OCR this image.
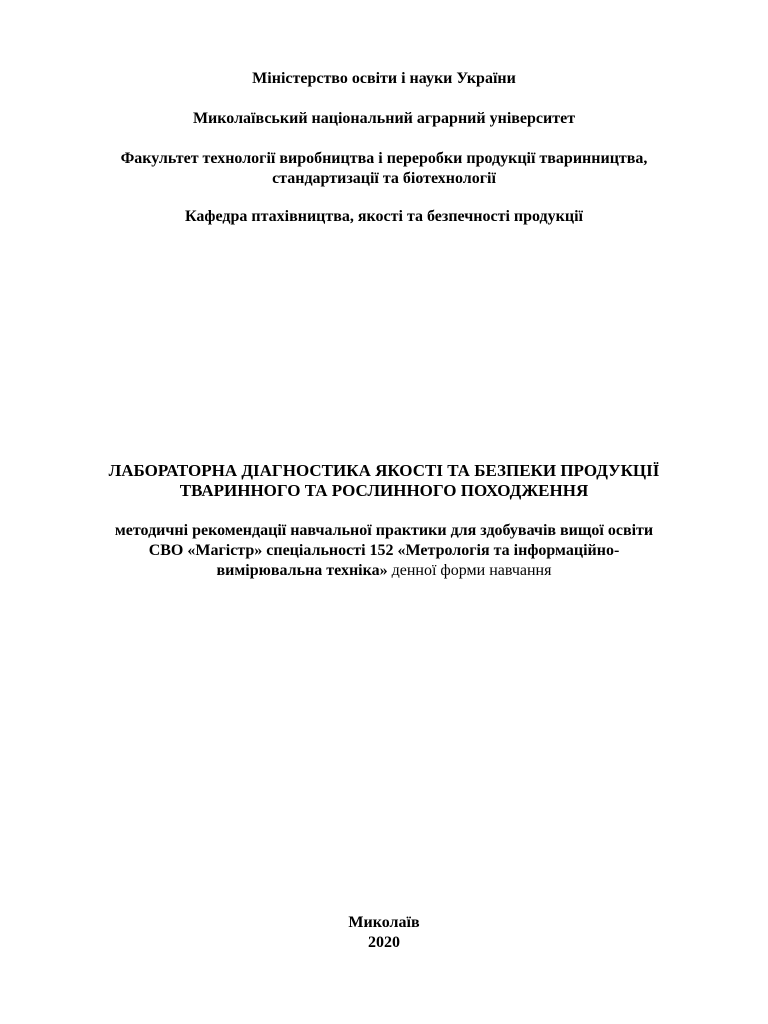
Міністерство освіти і науки України
Миколаївський національний аграрний університет
Факультет технології виробництва і переробки продукції тваринництва,
стандартизації та біотехнології
Кафедра птахівництва, якості та безпечності продукції
ЛАБОРАТОРНА ДІАГНОСТИКА ЯКОСТІ ТА БЕЗПЕКИ ПРОДУКЦІЇ
ТВАРИННОГО ТА РОСЛИННОГО ПОХОДЖЕННЯ
методичні рекомендації навчальної практики для здобувачів вищої освіти
СВО «Магістр» спеціальності 152 «Метрологія та інформаційно-
вимірювальна техніка» денної форми навчання
Миколаїв
2020
